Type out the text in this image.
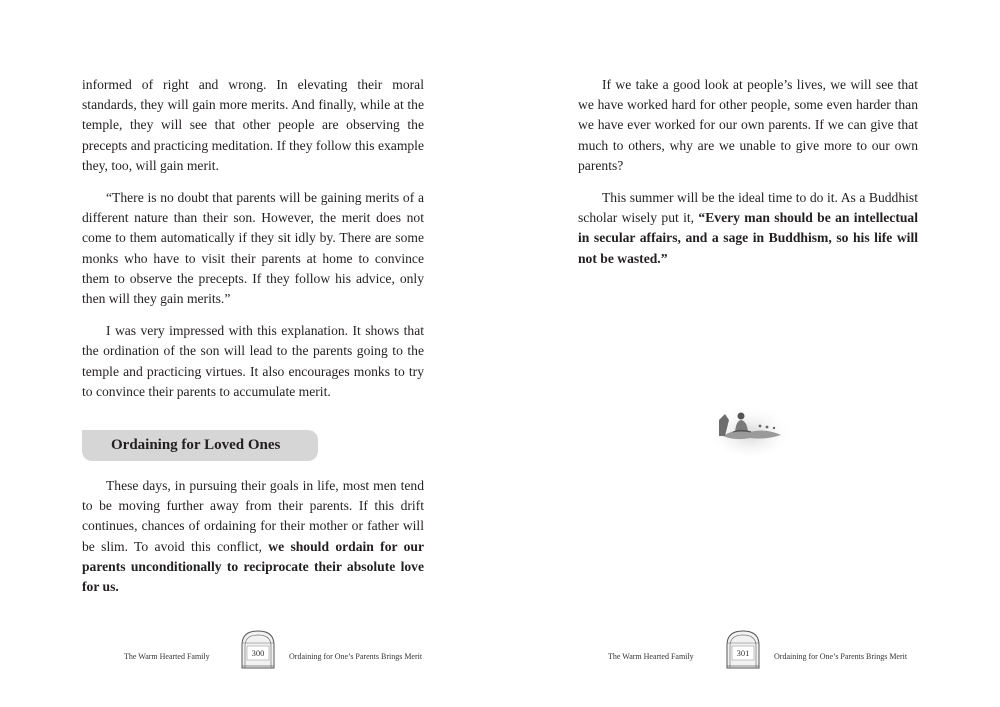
informed of right and wrong. In elevating their moral standards, they will gain more merits. And finally, while at the temple, they will see that other people are observing the precepts and practicing meditation. If they follow this example they, too, will gain merit.

“There is no doubt that parents will be gaining merits of a different nature than their son. However, the merit does not come to them automatically if they sit idly by. There are some monks who have to visit their parents at home to convince them to observe the precepts. If they follow his advice, only then will they gain merits.”

I was very impressed with this explanation. It shows that the ordination of the son will lead to the parents going to the temple and practicing virtues. It also encourages monks to try to convince their parents to accumulate merit.

Ordaining for Loved Ones

These days, in pursuing their goals in life, most men tend to be moving further away from their parents. If this drift continues, chances of ordaining for their mother or father will be slim. To avoid this conflict, we should ordain for our parents unconditionally to reciprocate their absolute love for us.

The Warm Hearted Family	300	Ordaining for One’s Parents Brings Merit

If we take a good look at people’s lives, we will see that we have worked hard for other people, some even harder than we have ever worked for our own parents. If we can give that much to others, why are we unable to give more to our own parents?

This summer will be the ideal time to do it. As a Buddhist scholar wisely put it, “Every man should be an intellectual in secular affairs, and a sage in Buddhism, so his life will not be wasted.”

The Warm Hearted Family	301	Ordaining for One’s Parents Brings Merit
